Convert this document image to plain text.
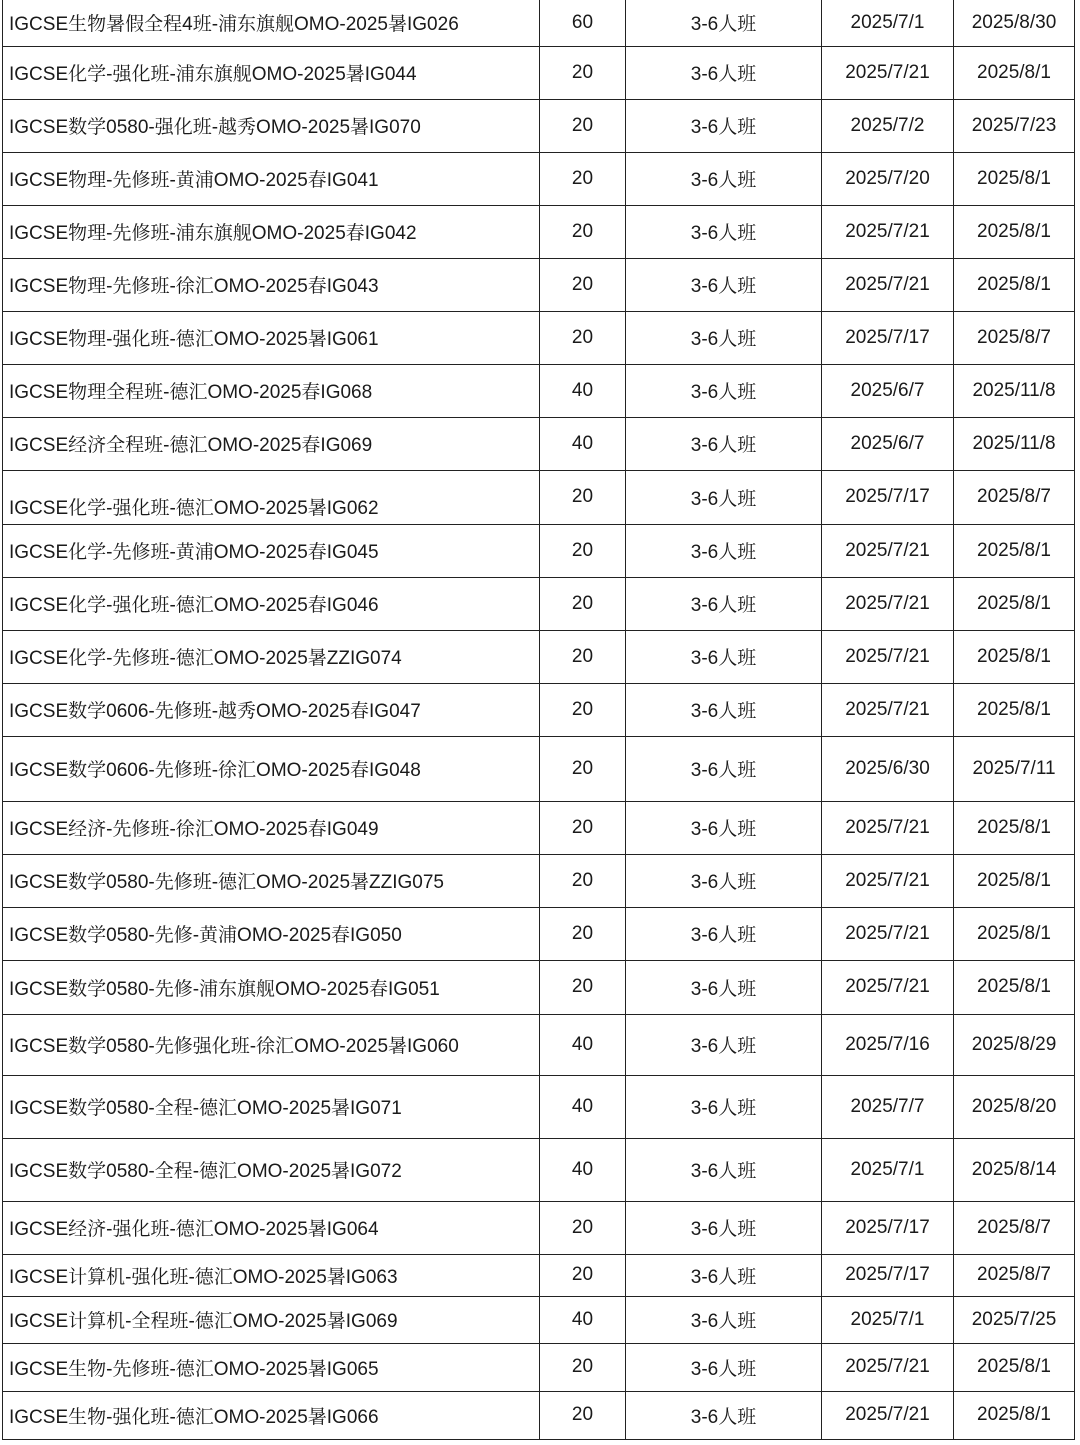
IGCSE生物暑假全程4班-浦东旗舰OMO-2025暑IG026	60	3-6人班	2025/7/1	2025/8/30
IGCSE化学-强化班-浦东旗舰OMO-2025暑IG044	20	3-6人班	2025/7/21	2025/8/1
IGCSE数学0580-强化班-越秀OMO-2025暑IG070	20	3-6人班	2025/7/2	2025/7/23
IGCSE物理-先修班-黄浦OMO-2025春IG041	20	3-6人班	2025/7/20	2025/8/1
IGCSE物理-先修班-浦东旗舰OMO-2025春IG042	20	3-6人班	2025/7/21	2025/8/1
IGCSE物理-先修班-徐汇OMO-2025春IG043	20	3-6人班	2025/7/21	2025/8/1
IGCSE物理-强化班-德汇OMO-2025暑IG061	20	3-6人班	2025/7/17	2025/8/7
IGCSE物理全程班-德汇OMO-2025春IG068	40	3-6人班	2025/6/7	2025/11/8
IGCSE经济全程班-德汇OMO-2025春IG069	40	3-6人班	2025/6/7	2025/11/8
IGCSE化学-强化班-德汇OMO-2025暑IG062	20	3-6人班	2025/7/17	2025/8/7
IGCSE化学-先修班-黄浦OMO-2025春IG045	20	3-6人班	2025/7/21	2025/8/1
IGCSE化学-强化班-德汇OMO-2025春IG046	20	3-6人班	2025/7/21	2025/8/1
IGCSE化学-先修班-德汇OMO-2025暑ZZIG074	20	3-6人班	2025/7/21	2025/8/1
IGCSE数学0606-先修班-越秀OMO-2025春IG047	20	3-6人班	2025/7/21	2025/8/1
IGCSE数学0606-先修班-徐汇OMO-2025春IG048	20	3-6人班	2025/6/30	2025/7/11
IGCSE经济-先修班-徐汇OMO-2025春IG049	20	3-6人班	2025/7/21	2025/8/1
IGCSE数学0580-先修班-德汇OMO-2025暑ZZIG075	20	3-6人班	2025/7/21	2025/8/1
IGCSE数学0580-先修-黄浦OMO-2025春IG050	20	3-6人班	2025/7/21	2025/8/1
IGCSE数学0580-先修-浦东旗舰OMO-2025春IG051	20	3-6人班	2025/7/21	2025/8/1
IGCSE数学0580-先修强化班-徐汇OMO-2025暑IG060	40	3-6人班	2025/7/16	2025/8/29
IGCSE数学0580-全程-德汇OMO-2025暑IG071	40	3-6人班	2025/7/7	2025/8/20
IGCSE数学0580-全程-德汇OMO-2025暑IG072	40	3-6人班	2025/7/1	2025/8/14
IGCSE经济-强化班-德汇OMO-2025暑IG064	20	3-6人班	2025/7/17	2025/8/7
IGCSE计算机-强化班-德汇OMO-2025暑IG063	20	3-6人班	2025/7/17	2025/8/7
IGCSE计算机-全程班-德汇OMO-2025暑IG069	40	3-6人班	2025/7/1	2025/7/25
IGCSE生物-先修班-德汇OMO-2025暑IG065	20	3-6人班	2025/7/21	2025/8/1
IGCSE生物-强化班-德汇OMO-2025暑IG066	20	3-6人班	2025/7/21	2025/8/1
